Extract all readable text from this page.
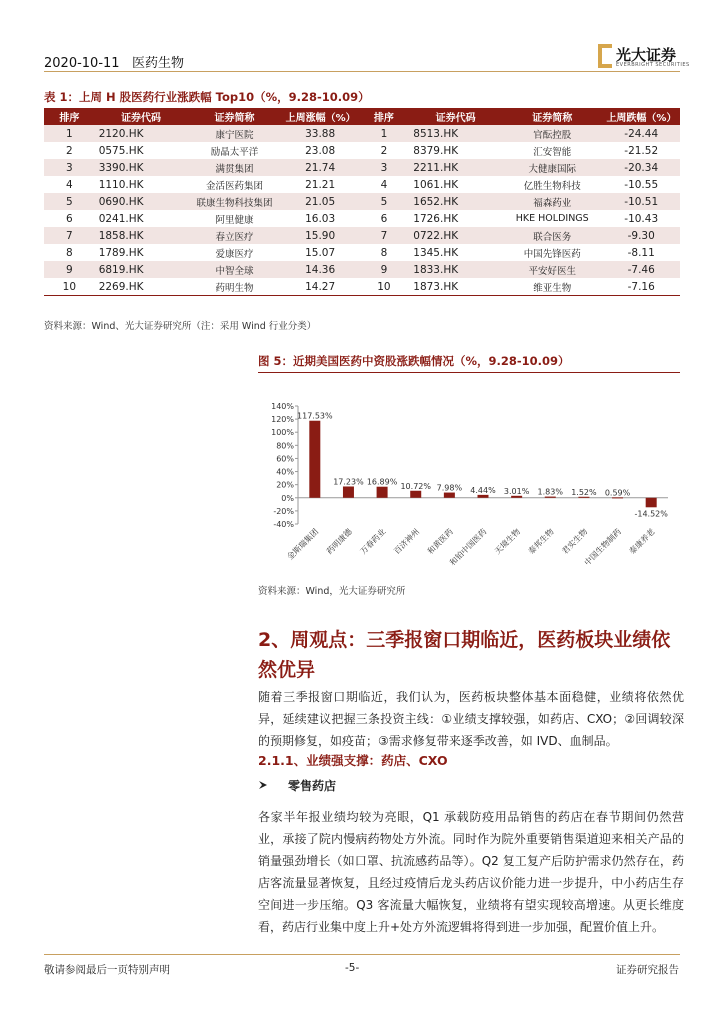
2020-10-11 医药生物	光大证券
EVERBRIGHT SECURITIES
表 1：上周 H 股医药行业涨跌幅 Top10（%，9.28-10.09）
排序	证券代码	证券简称	上周涨幅（%）	排序	证券代码	证券简称	上周跌幅（%）
1	2120.HK	康宁医院	33.88	1	8513.HK	官酝控股	-24.44
2	0575.HK	励晶太平洋	23.08	2	8379.HK	汇安智能	-21.52
3	3390.HK	满贯集团	21.74	3	2211.HK	大健康国际	-20.34
4	1110.HK	金活医药集团	21.21	4	1061.HK	亿胜生物科技	-10.55
5	0690.HK	联康生物科技集团	21.05	5	1652.HK	福森药业	-10.51
6	0241.HK	阿里健康	16.03	6	1726.HK	HKE HOLDINGS	-10.43
7	1858.HK	春立医疗	15.90	7	0722.HK	联合医务	-9.30
8	1789.HK	爱康医疗	15.07	8	1345.HK	中国先锋医药	-8.11
9	6819.HK	中智全球	14.36	9	1833.HK	平安好医生	-7.46
10	2269.HK	药明生物	14.27	10	1873.HK	维亚生物	-7.16
资料来源：Wind、光大证券研究所（注：采用 Wind 行业分类）
图 5：近期美国医药中资股涨跌幅情况（%，9.28-10.09）
140%
120%
100%
80%
60%
40%
20%
0%
-20%
-40%
117.53%
金斯瑞集团
17.23%
药明康德
16.89%
万春药业
10.72%
百济神州
7.98%
和黄医药
4.44%
和铂中国医药
3.01%
天境生物
1.83%
泰邦生物
1.52%
君实生物
0.59%
中国生物制药
-14.52%
泰康养老
资料来源：Wind，光大证券研究所
2、周观点：三季报窗口期临近，医药板块业绩依然优异
随着三季报窗口期临近，我们认为，医药板块整体基本面稳健，业绩将依然优异，延续建议把握三条投资主线：①业绩支撑较强，如药店、CXO；②回调较深的预期修复，如疫苗；③需求修复带来逐季改善，如 IVD、血制品。
2.1.1、业绩强支撑：药店、CXO
零售药店
各家半年报业绩均较为亮眼，Q1 承载防疫用品销售的药店在春节期间仍然营业，承接了院内慢病药物处方外流。同时作为院外重要销售渠道迎来相关产品的销量强劲增长（如口罩、抗流感药品等）。Q2 复工复产后防护需求仍然存在，药店客流量显著恢复，且经过疫情后龙头药店议价能力进一步提升，中小药店生存空间进一步压缩。Q3 客流量大幅恢复，业绩将有望实现较高增速。从更长维度看，药店行业集中度上升+处方外流逻辑将得到进一步加强，配置价值上升。
敬请参阅最后一页特别声明	-5-	证券研究报告
